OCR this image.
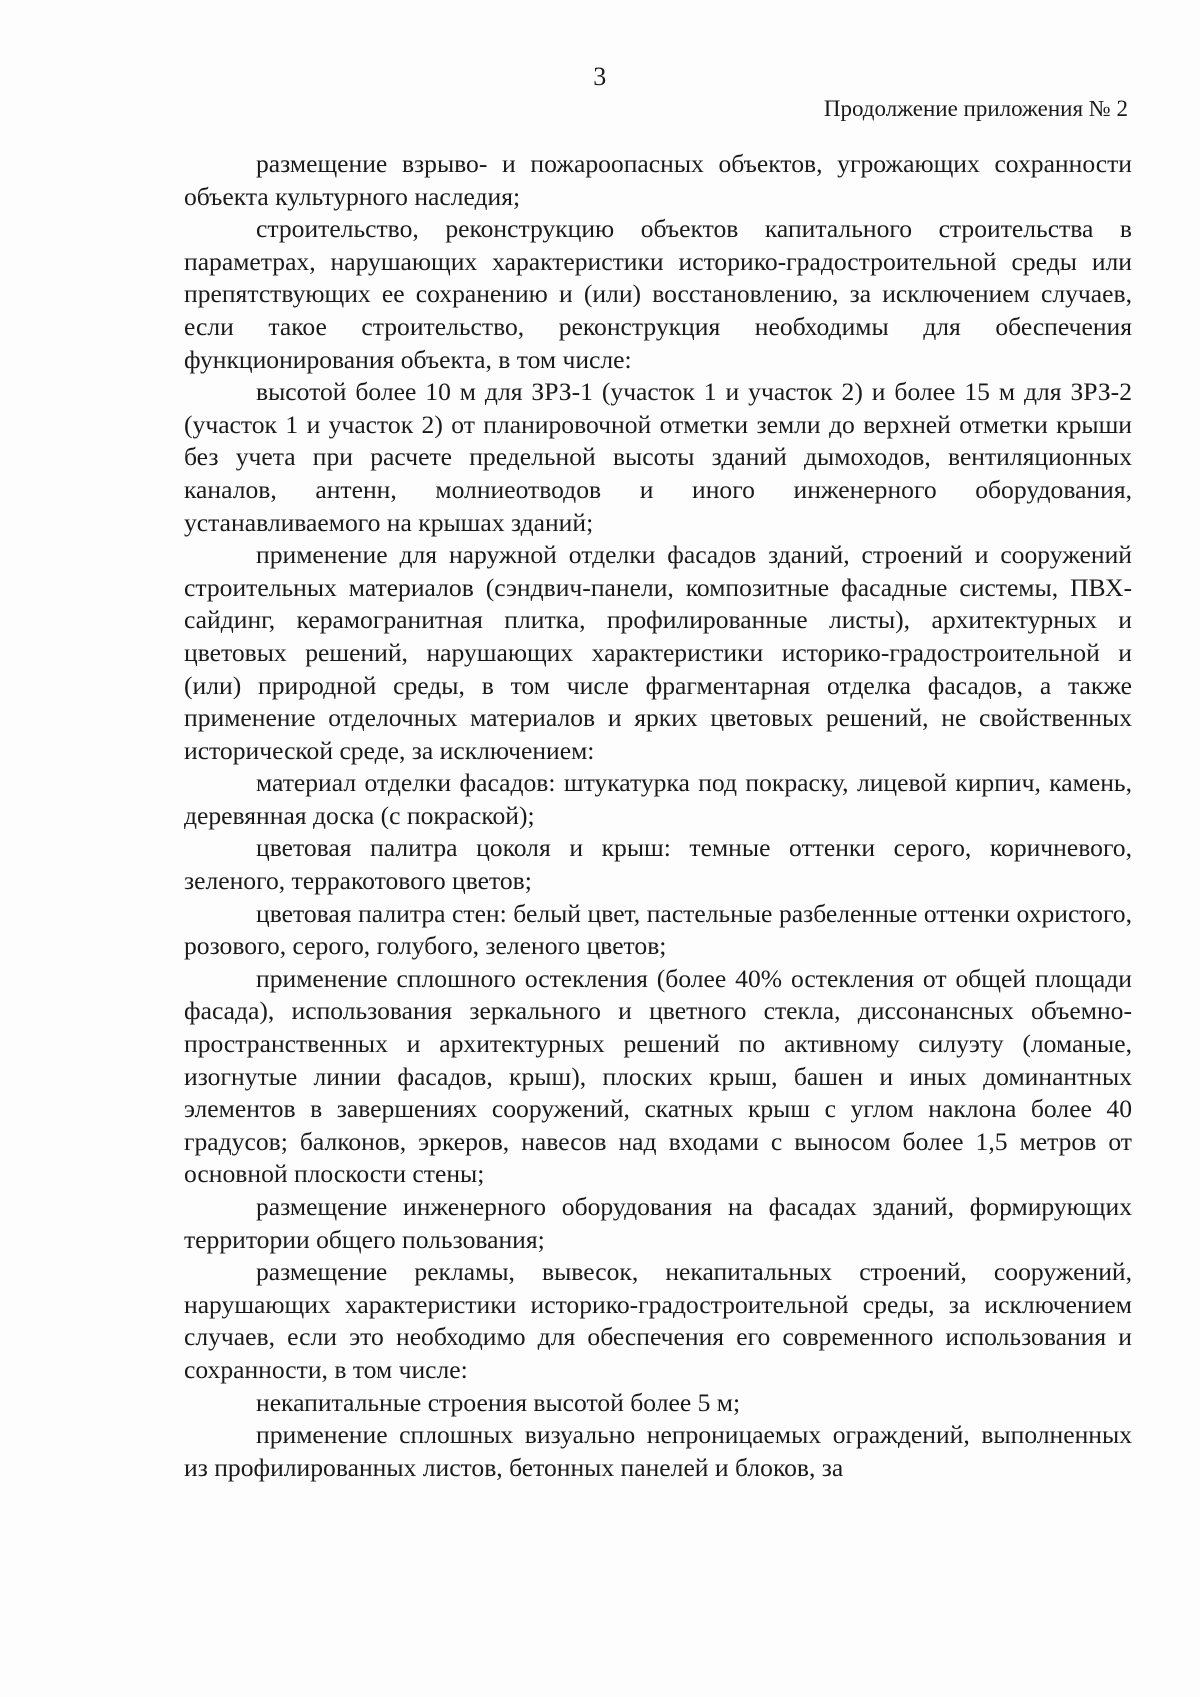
3
Продолжение приложения № 2

размещение взрыво- и пожароопасных объектов, угрожающих сохранности объекта культурного наследия;

строительство, реконструкцию объектов капитального строительства в параметрах, нарушающих характеристики историко-градостроительной среды или препятствующих ее сохранению и (или) восстановлению, за исключением случаев, если такое строительство, реконструкция необходимы для обеспечения функционирования объекта, в том числе:

высотой более 10 м для ЗРЗ-1 (участок 1 и участок 2) и более 15 м для ЗРЗ-2 (участок 1 и участок 2) от планировочной отметки земли до верхней отметки крыши без учета при расчете предельной высоты зданий дымоходов, вентиляционных каналов, антенн, молниеотводов и иного инженерного оборудования, устанавливаемого на крышах зданий;

применение для наружной отделки фасадов зданий, строений и сооружений строительных материалов (сэндвич-панели, композитные фасадные системы, ПВХ-сайдинг, керамогранитная плитка, профилированные листы), архитектурных и цветовых решений, нарушающих характеристики историко-градостроительной и (или) природной среды, в том числе фрагментарная отделка фасадов, а также применение отделочных материалов и ярких цветовых решений, не свойственных исторической среде, за исключением:

материал отделки фасадов: штукатурка под покраску, лицевой кирпич, камень, деревянная доска (с покраской);

цветовая палитра цоколя и крыш: темные оттенки серого, коричневого, зеленого, терракотового цветов;

цветовая палитра стен: белый цвет, пастельные разбеленные оттенки охристого, розового, серого, голубого, зеленого цветов;

применение сплошного остекления (более 40% остекления от общей площади фасада), использования зеркального и цветного стекла, диссонансных объемно-пространственных и архитектурных решений по активному силуэту (ломаные, изогнутые линии фасадов, крыш), плоских крыш, башен и иных доминантных элементов в завершениях сооружений, скатных крыш с углом наклона более 40 градусов; балконов, эркеров, навесов над входами с выносом более 1,5 метров от основной плоскости стены;

размещение инженерного оборудования на фасадах зданий, формирующих территории общего пользования;

размещение рекламы, вывесок, некапитальных строений, сооружений, нарушающих характеристики историко-градостроительной среды, за исключением случаев, если это необходимо для обеспечения его современного использования и сохранности, в том числе:

некапитальные строения высотой более 5 м;

применение сплошных визуально непроницаемых ограждений, выполненных из профилированных листов, бетонных панелей и блоков, за
